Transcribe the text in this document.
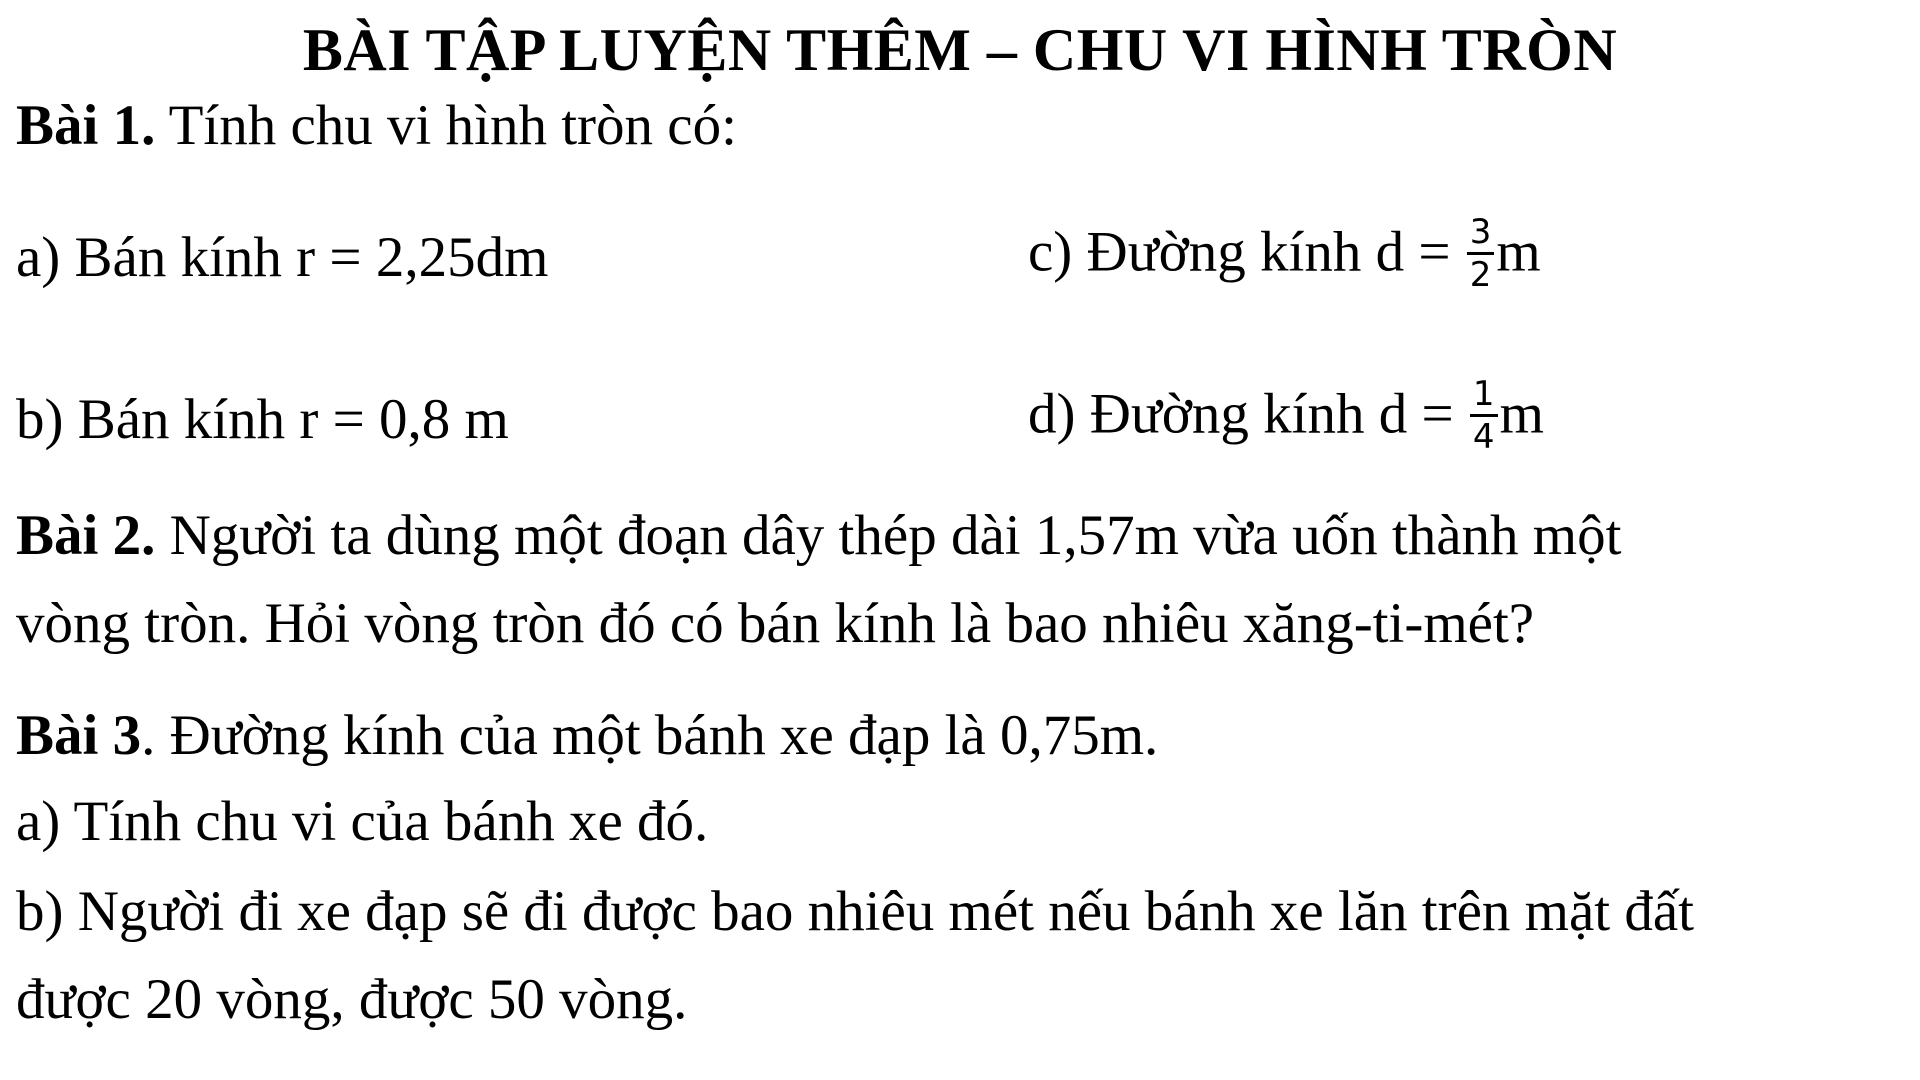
BÀI TẬP LUYỆN THÊM – CHU VI HÌNH TRÒN
Bài 1. Tính chu vi hình tròn có:
a) Bán kính r = 2,25dm	c) Đường kính $d = \frac{3}{2}$ m
b) Bán kính r = 0,8 m	d) Đường kính $d = \frac{1}{4}$ m
Bài 2. Người ta dùng một đoạn dây thép dài 1,57m vừa uốn thành một
vòng tròn. Hỏi vòng tròn đó có bán kính là bao nhiêu xăng-ti-mét?
Bài 3. Đường kính của một bánh xe đạp là 0,75m.
a) Tính chu vi của bánh xe đó.
b) Người đi xe đạp sẽ đi được bao nhiêu mét nếu bánh xe lăn trên mặt đất
được 20 vòng, được 50 vòng.
